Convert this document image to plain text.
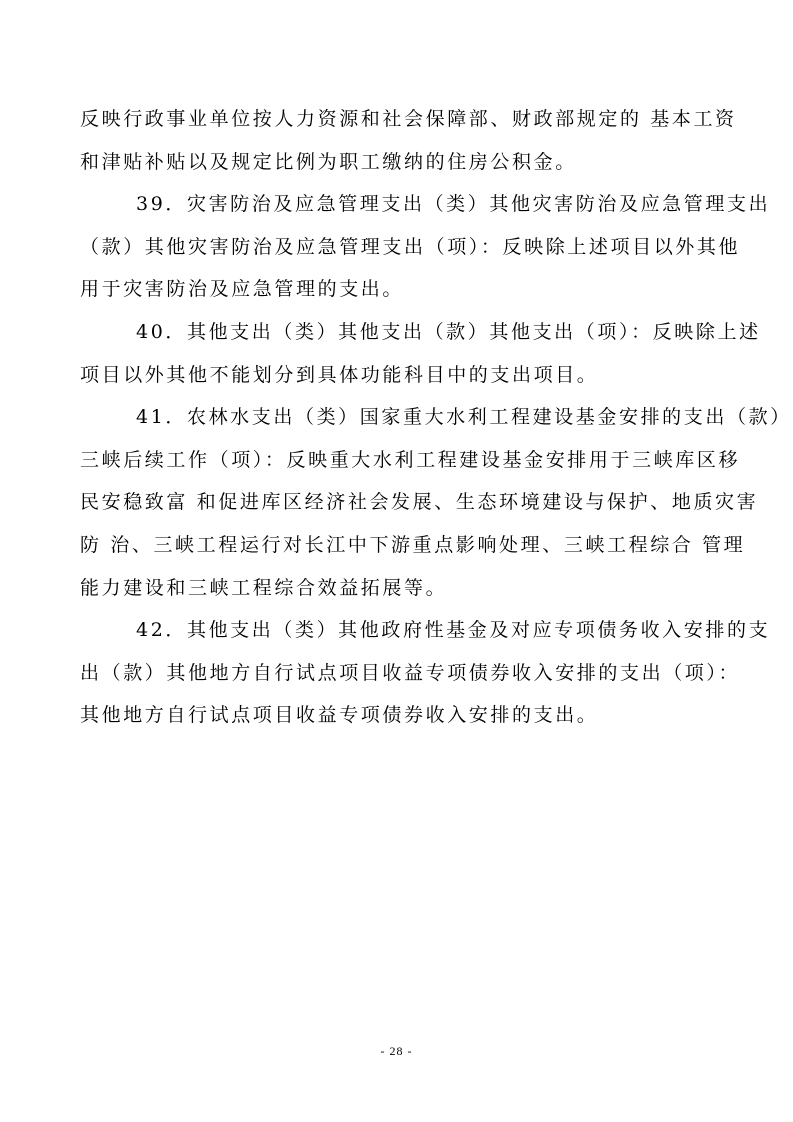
反映行政事业单位按人力资源和社会保障部、财政部规定的 基本工资
和津贴补贴以及规定比例为职工缴纳的住房公积金。

39．灾害防治及应急管理支出（类）其他灾害防治及应急管理支出
（款）其他灾害防治及应急管理支出（项）：反映除上述项目以外其他
用于灾害防治及应急管理的支出。

40．其他支出（类）其他支出（款）其他支出（项）：反映除上述
项目以外其他不能划分到具体功能科目中的支出项目。

41．农林水支出（类）国家重大水利工程建设基金安排的支出（款）
三峡后续工作（项）：反映重大水利工程建设基金安排用于三峡库区移
民安稳致富 和促进库区经济社会发展、生态环境建设与保护、地质灾害
防 治、三峡工程运行对长江中下游重点影响处理、三峡工程综合 管理
能力建设和三峡工程综合效益拓展等。

42．其他支出（类）其他政府性基金及对应专项债务收入安排的支
出（款）其他地方自行试点项目收益专项债券收入安排的支出（项）：
其他地方自行试点项目收益专项债券收入安排的支出。

- 28 -
